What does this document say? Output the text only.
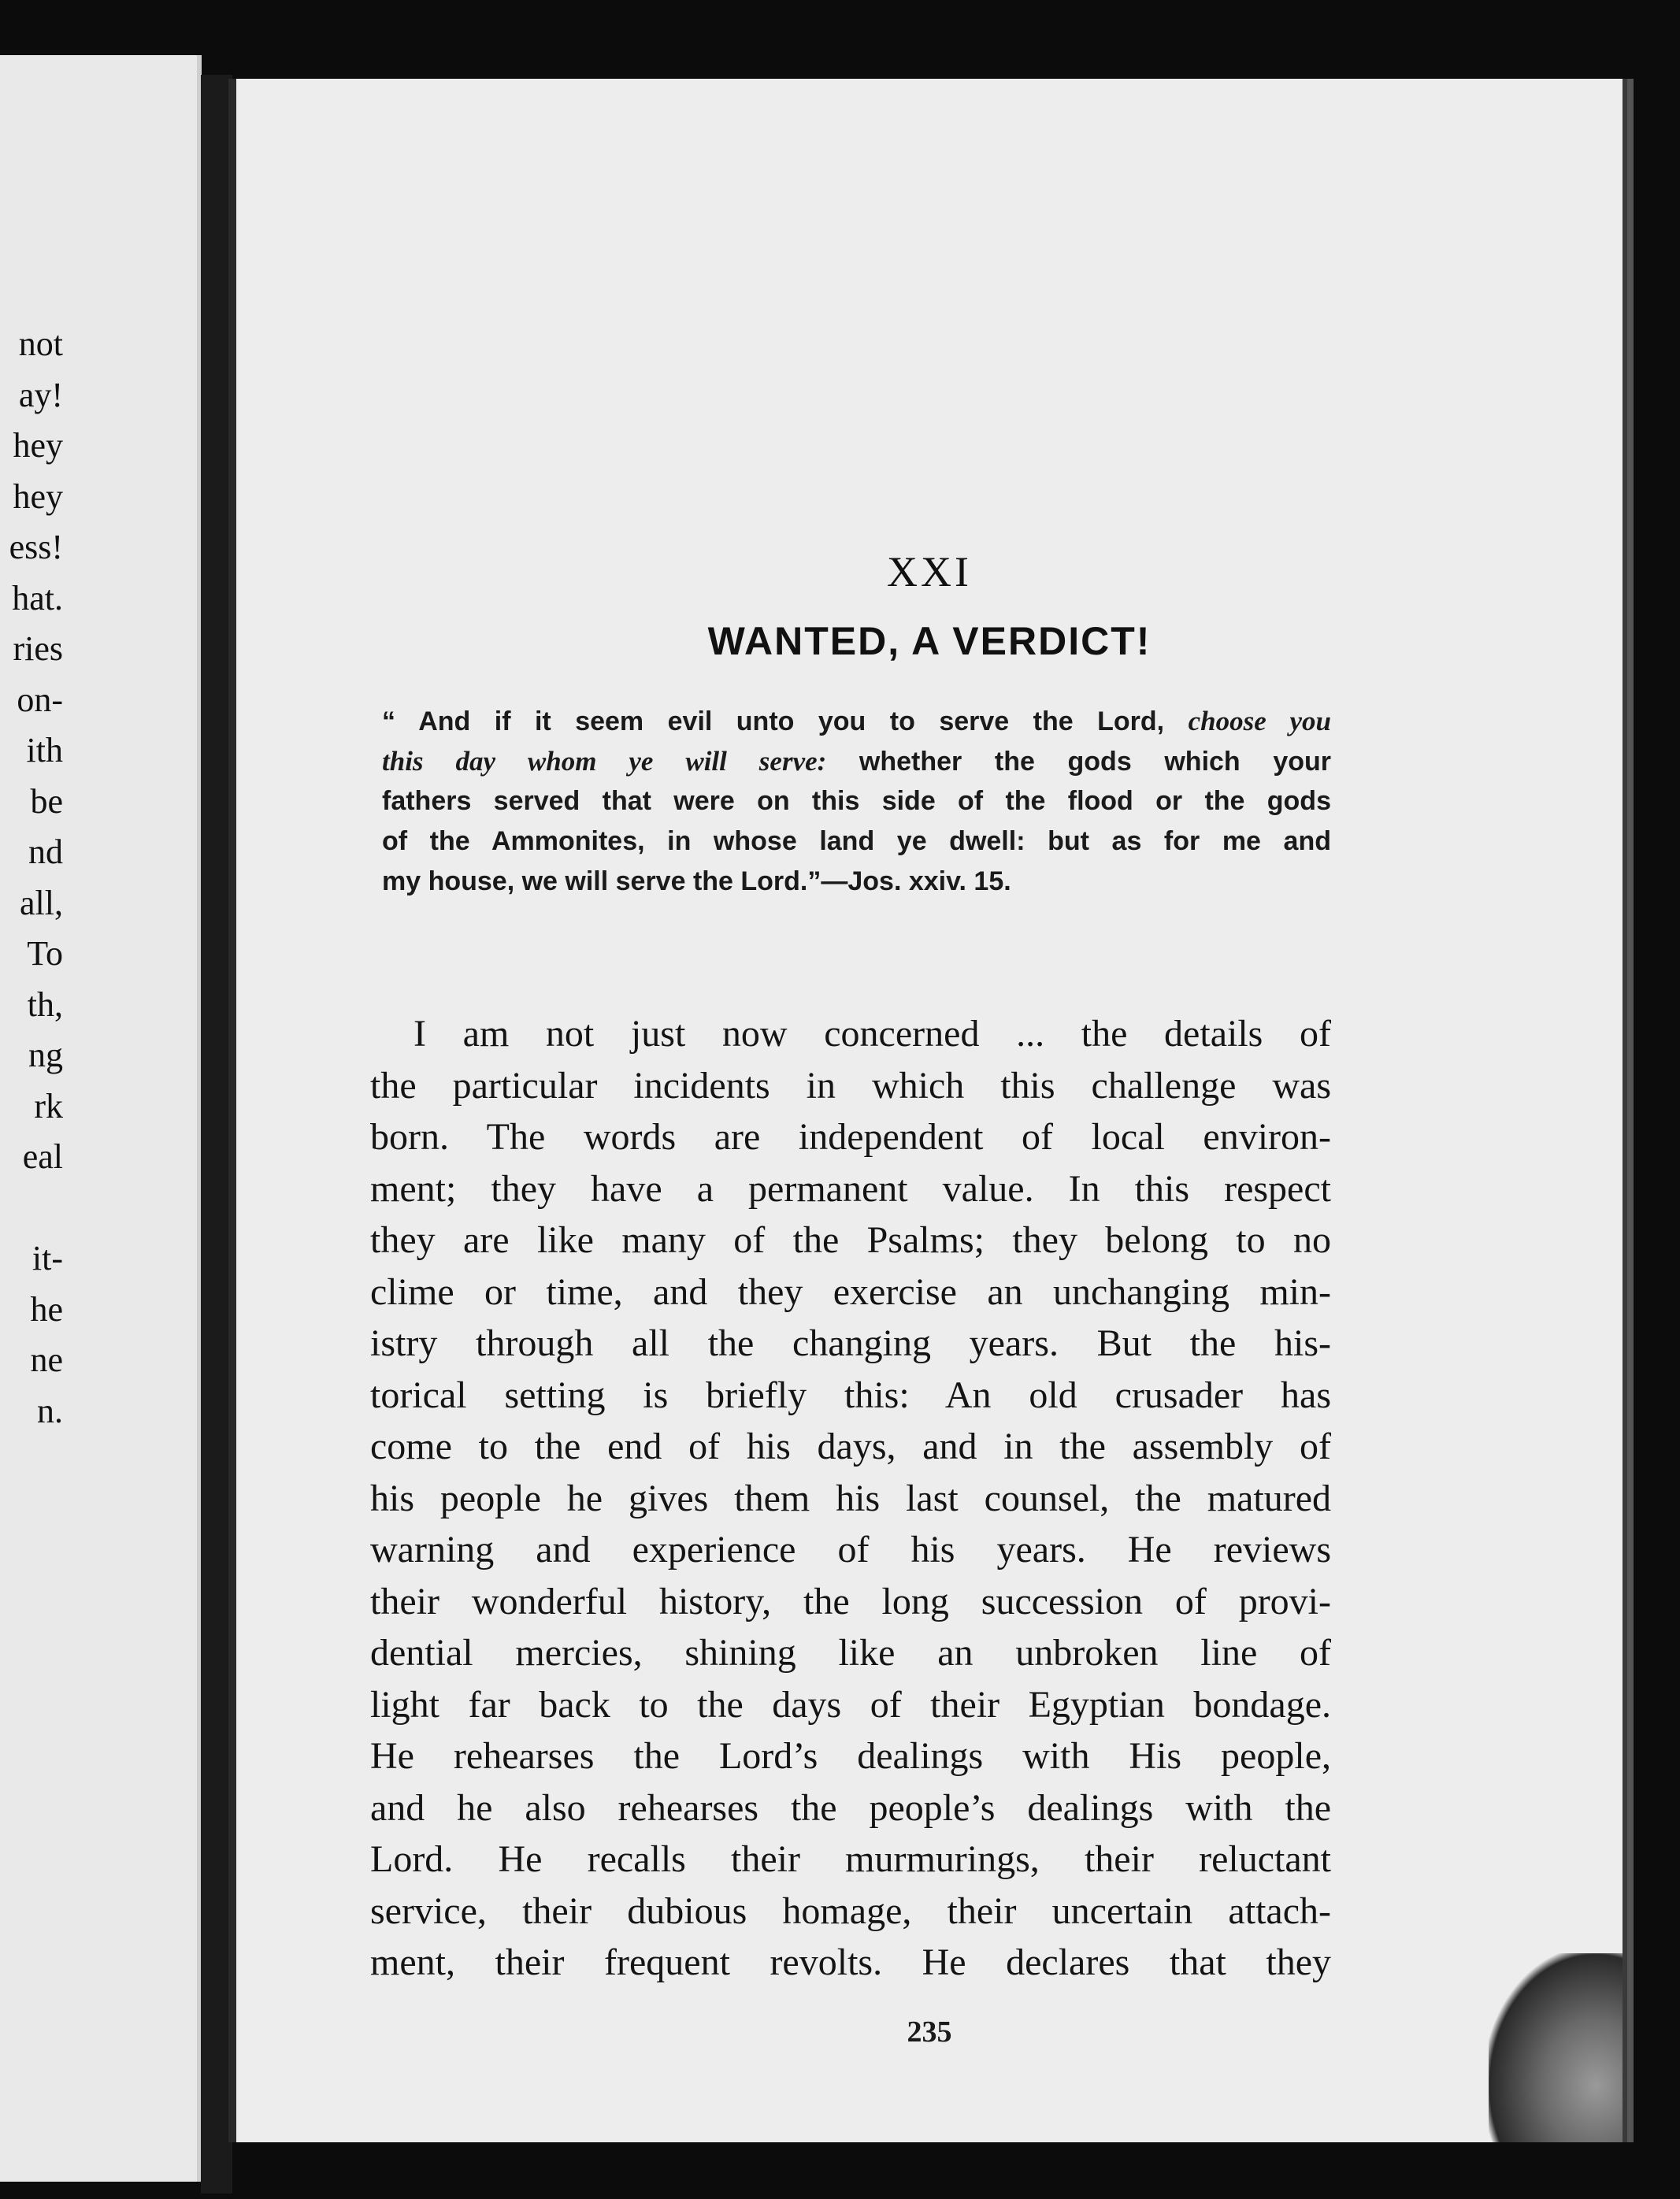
not
ay!
hey
hey
ess!
hat.
ries
on-
ith
be
nd
all,
To
th,
ng
rk
eal
it-
he
ne
n.
XXI
WANTED, A VERDICT!
“ And if it seem evil unto you to serve the Lord, choose you
this day whom ye will serve: whether the gods which your
fathers served that were on this side of the flood or the gods
of the Ammonites, in whose land ye dwell: but as for me and
my house, we will serve the Lord.”—Jos. xxiv. 15.
I am not just now concerned ... the details of
the particular incidents in which this challenge was
born. The words are independent of local environ-
ment; they have a permanent value. In this respect
they are like many of the Psalms; they belong to no
clime or time, and they exercise an unchanging min-
istry through all the changing years. But the his-
torical setting is briefly this: An old crusader has
come to the end of his days, and in the assembly of
his people he gives them his last counsel, the matured
warning and experience of his years. He reviews
their wonderful history, the long succession of provi-
dential mercies, shining like an unbroken line of
light far back to the days of their Egyptian bondage.
He rehearses the Lord’s dealings with His people,
and he also rehearses the people’s dealings with the
Lord. He recalls their murmurings, their reluctant
service, their dubious homage, their uncertain attach-
ment, their frequent revolts. He declares that they
235
